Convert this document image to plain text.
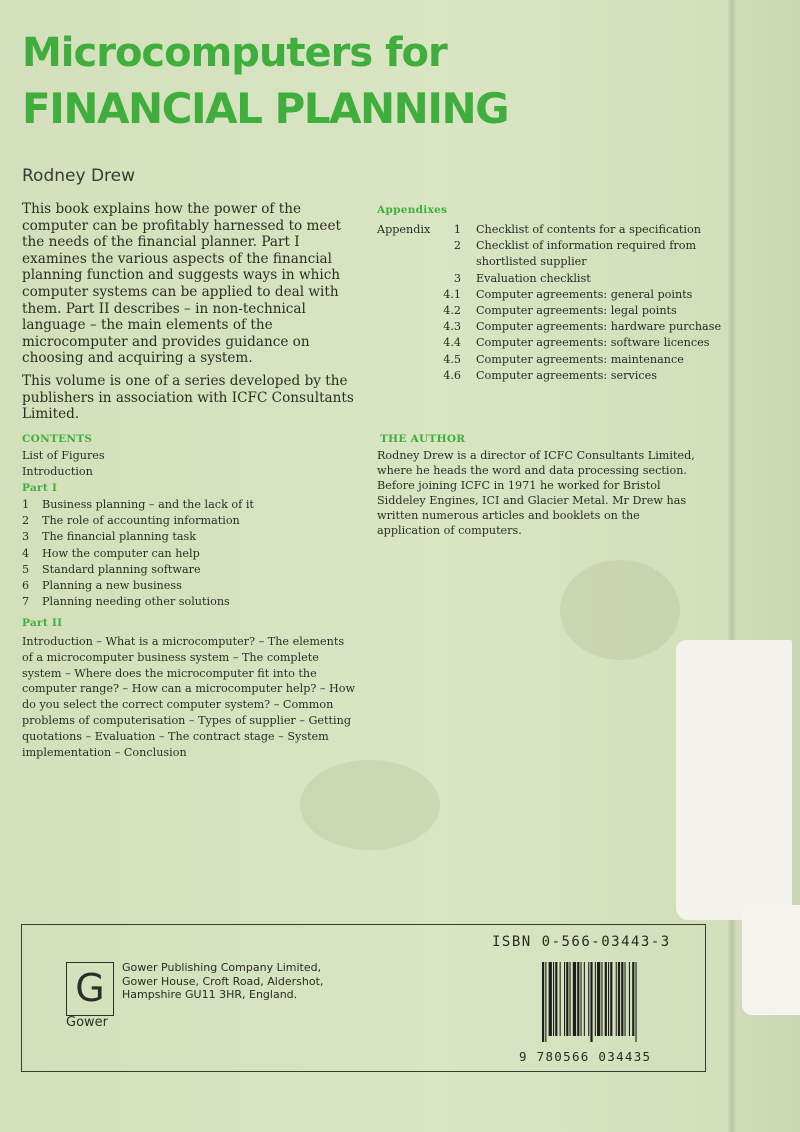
Microcomputers for
FINANCIAL PLANNING
Rodney Drew

This book explains how the power of the computer can be profitably harnessed to meet the needs of the financial planner. Part I examines the various aspects of the financial planning function and suggests ways in which computer systems can be applied to deal with them. Part II describes – in non-technical language – the main elements of the microcomputer and provides guidance on choosing and acquiring a system.

This volume is one of a series developed by the publishers in association with ICFC Consultants Limited.

CONTENTS
List of Figures
Introduction
Part I
1	Business planning – and the lack of it
2	The role of accounting information
3	The financial planning task
4	How the computer can help
5	Standard planning software
6	Planning a new business
7	Planning needing other solutions
Part II
Introduction – What is a microcomputer? – The elements of a microcomputer business system – The complete system – Where does the microcomputer fit into the computer range? – How can a microcomputer help? – How do you select the correct computer system? – Common problems of computerisation – Types of supplier – Getting quotations – Evaluation – The contract stage – System implementation – Conclusion
Appendixes
Appendix	1 Checklist of contents for a specification
2 Checklist of information required from
shortlisted supplier
3 Evaluation checklist
4.1 Computer agreements: general points
4.2 Computer agreements: legal points
4.3 Computer agreements: hardware purchase
4.4 Computer agreements: software licences
4.5 Computer agreements: maintenance
4.6 Computer agreements: services
THE AUTHOR
Rodney Drew is a director of ICFC Consultants Limited, where he heads the word and data processing section. Before joining ICFC in 1971 he worked for Bristol Siddeley Engines, ICI and Glacier Metal. Mr Drew has written numerous articles and booklets on the application of computers.
G
Gower
Gower Publishing Company Limited,
Gower House, Croft Road, Aldershot,
Hampshire GU11 3HR, England.
ISBN 0-566-03443-3
9 780566 034435
